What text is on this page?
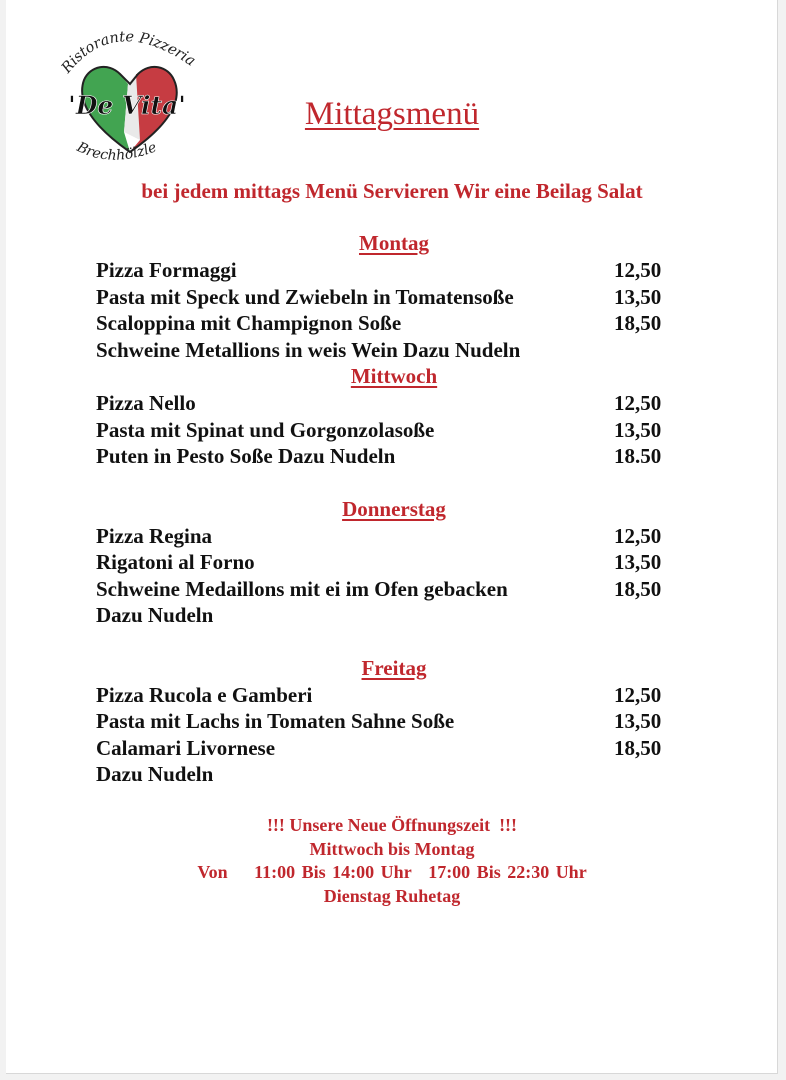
Ristorante Pizzeria
'De Vita'
Brechhölzle
Mittagsmenü
bei jedem mittags Menü Servieren Wir eine Beilag Salat
Montag
Pizza Formaggi	12,50
Pasta mit Speck und Zwiebeln in Tomatensoße	13,50
Scaloppina mit Champignon Soße	18,50
Schweine Metallions in weis Wein Dazu Nudeln
Mittwoch
Pizza Nello	12,50
Pasta mit Spinat und Gorgonzolasoße	13,50
Puten in Pesto Soße Dazu Nudeln	18.50
Donnerstag
Pizza Regina	12,50
Rigatoni al Forno	13,50
Schweine Medaillons mit ei im Ofen gebacken	18,50
Dazu Nudeln
Freitag
Pizza Rucola e Gamberi	12,50
Pasta mit Lachs in Tomaten Sahne Soße	13,50
Calamari Livornese	18,50
Dazu Nudeln
!!! Unsere Neue Öffnungszeit  !!!
Mittwoch bis Montag
Von 11:00 Bis 14:00 Uhr 17:00 Bis 22:30 Uhr
Dienstag Ruhetag
